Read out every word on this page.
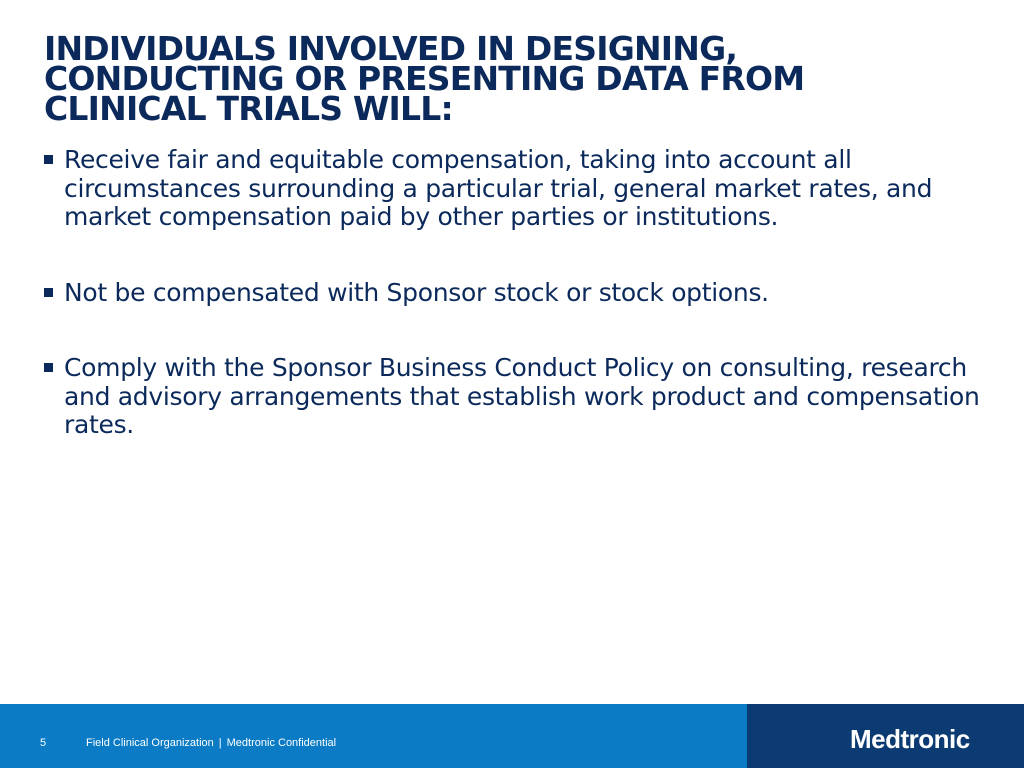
INDIVIDUALS INVOLVED IN DESIGNING, CONDUCTING OR PRESENTING DATA FROM CLINICAL TRIALS WILL:
Receive fair and equitable compensation, taking into account all circumstances surrounding a particular trial, general market rates, and market compensation paid by other parties or institutions.
Not be compensated with Sponsor stock or stock options.
Comply with the Sponsor Business Conduct Policy on consulting, research and advisory arrangements that establish work product and compensation rates.
5	Field Clinical Organization | Medtronic Confidential	Medtronic
